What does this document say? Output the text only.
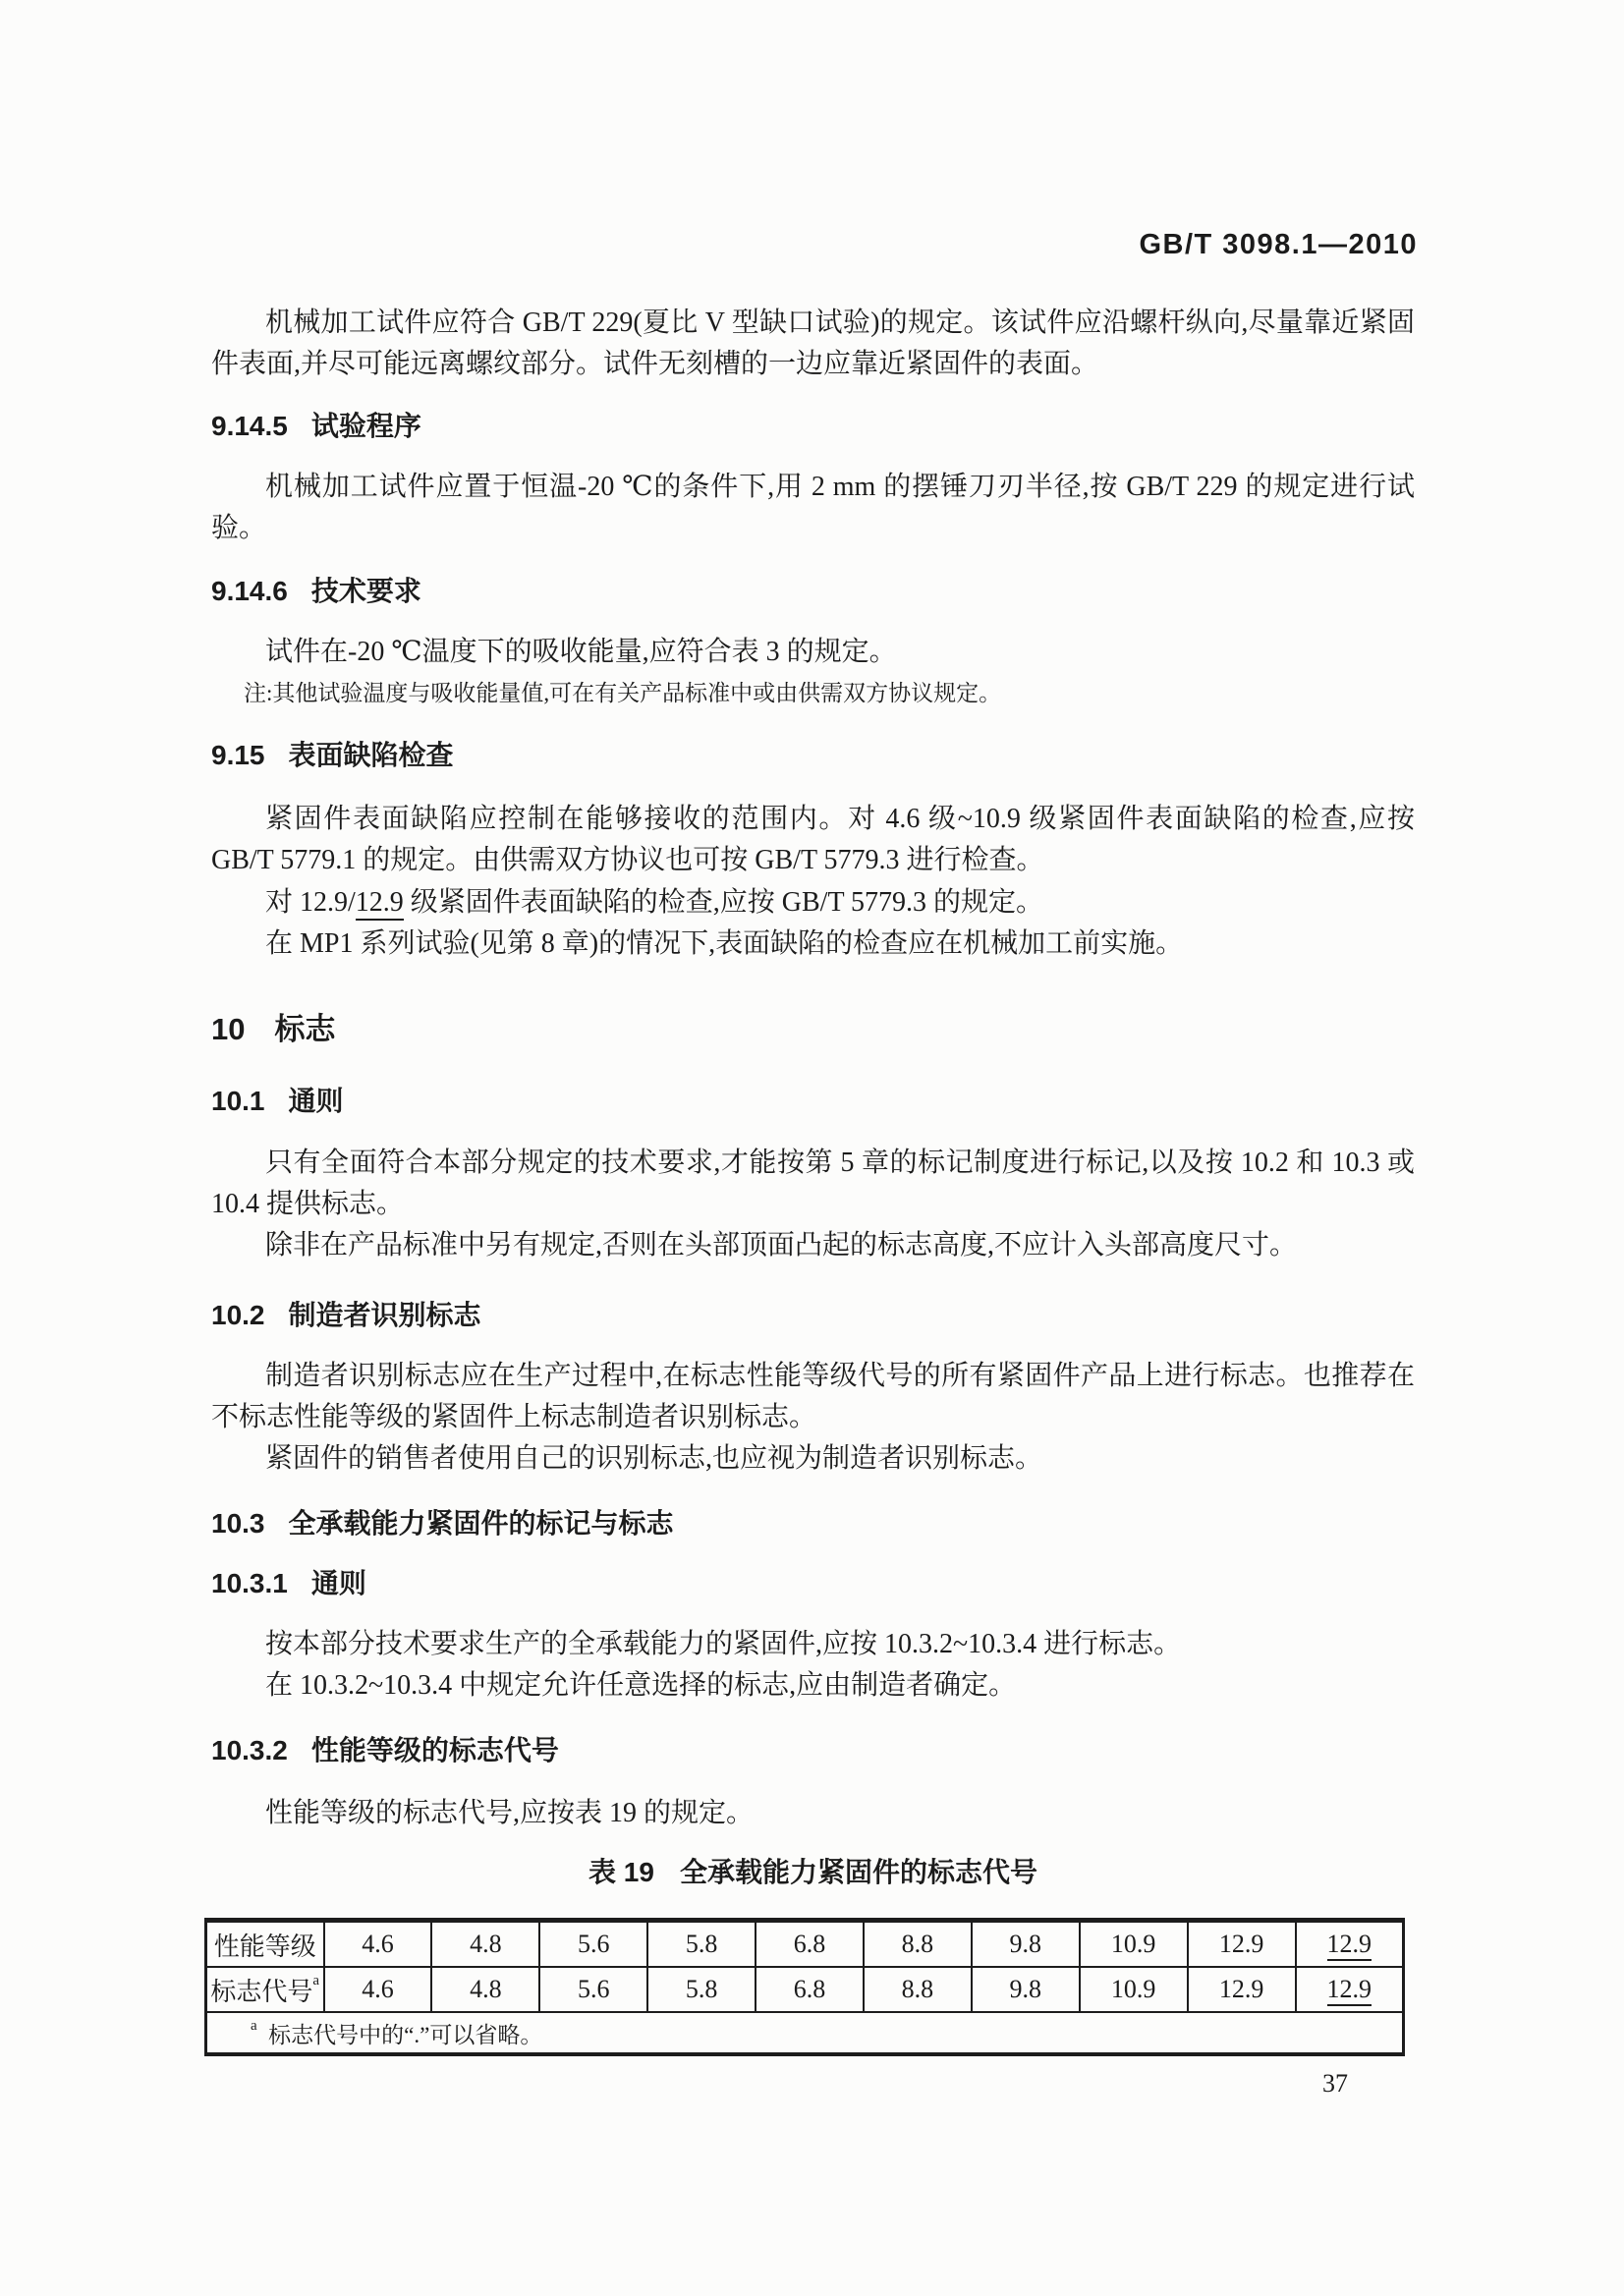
GB/T 3098.1—2010

机械加工试件应符合 GB/T 229(夏比 V 型缺口试验)的规定。该试件应沿螺杆纵向,尽量靠近紧固件表面,并尽可能远离螺纹部分。试件无刻槽的一边应靠近紧固件的表面。

9.14.5 试验程序

机械加工试件应置于恒温-20 ℃的条件下,用 2 mm 的摆锤刀刃半径,按 GB/T 229 的规定进行试验。

9.14.6 技术要求

试件在-20 ℃温度下的吸收能量,应符合表 3 的规定。

注:其他试验温度与吸收能量值,可在有关产品标准中或由供需双方协议规定。

9.15 表面缺陷检查

紧固件表面缺陷应控制在能够接收的范围内。对 4.6 级~10.9 级紧固件表面缺陷的检查,应按 GB/T 5779.1 的规定。由供需双方协议也可按 GB/T 5779.3 进行检查。

对 12.9/12.9 级紧固件表面缺陷的检查,应按 GB/T 5779.3 的规定。

在 MP1 系列试验(见第 8 章)的情况下,表面缺陷的检查应在机械加工前实施。

10 标志
10.1 通则

只有全面符合本部分规定的技术要求,才能按第 5 章的标记制度进行标记,以及按 10.2 和 10.3 或 10.4 提供标志。

除非在产品标准中另有规定,否则在头部顶面凸起的标志高度,不应计入头部高度尺寸。

10.2 制造者识别标志

制造者识别标志应在生产过程中,在标志性能等级代号的所有紧固件产品上进行标志。也推荐在不标志性能等级的紧固件上标志制造者识别标志。

紧固件的销售者使用自己的识别标志,也应视为制造者识别标志。

10.3 全承载能力紧固件的标记与标志
10.3.1 通则

按本部分技术要求生产的全承载能力的紧固件,应按 10.3.2~10.3.4 进行标志。

在 10.3.2~10.3.4 中规定允许任意选择的标志,应由制造者确定。

10.3.2 性能等级的标志代号

性能等级的标志代号,应按表 19 的规定。

表 19 全承载能力紧固件的标志代号
性能等级	4.6	4.8	5.6	5.8	6.8	8.8	9.8	10.9	12.9	12.9
标志代号$^a$	4.6	4.8	5.6	5.8	6.8	8.8	9.8	10.9	12.9	12.9
$^a$ 标志代号中的“.”可以省略。										
37
